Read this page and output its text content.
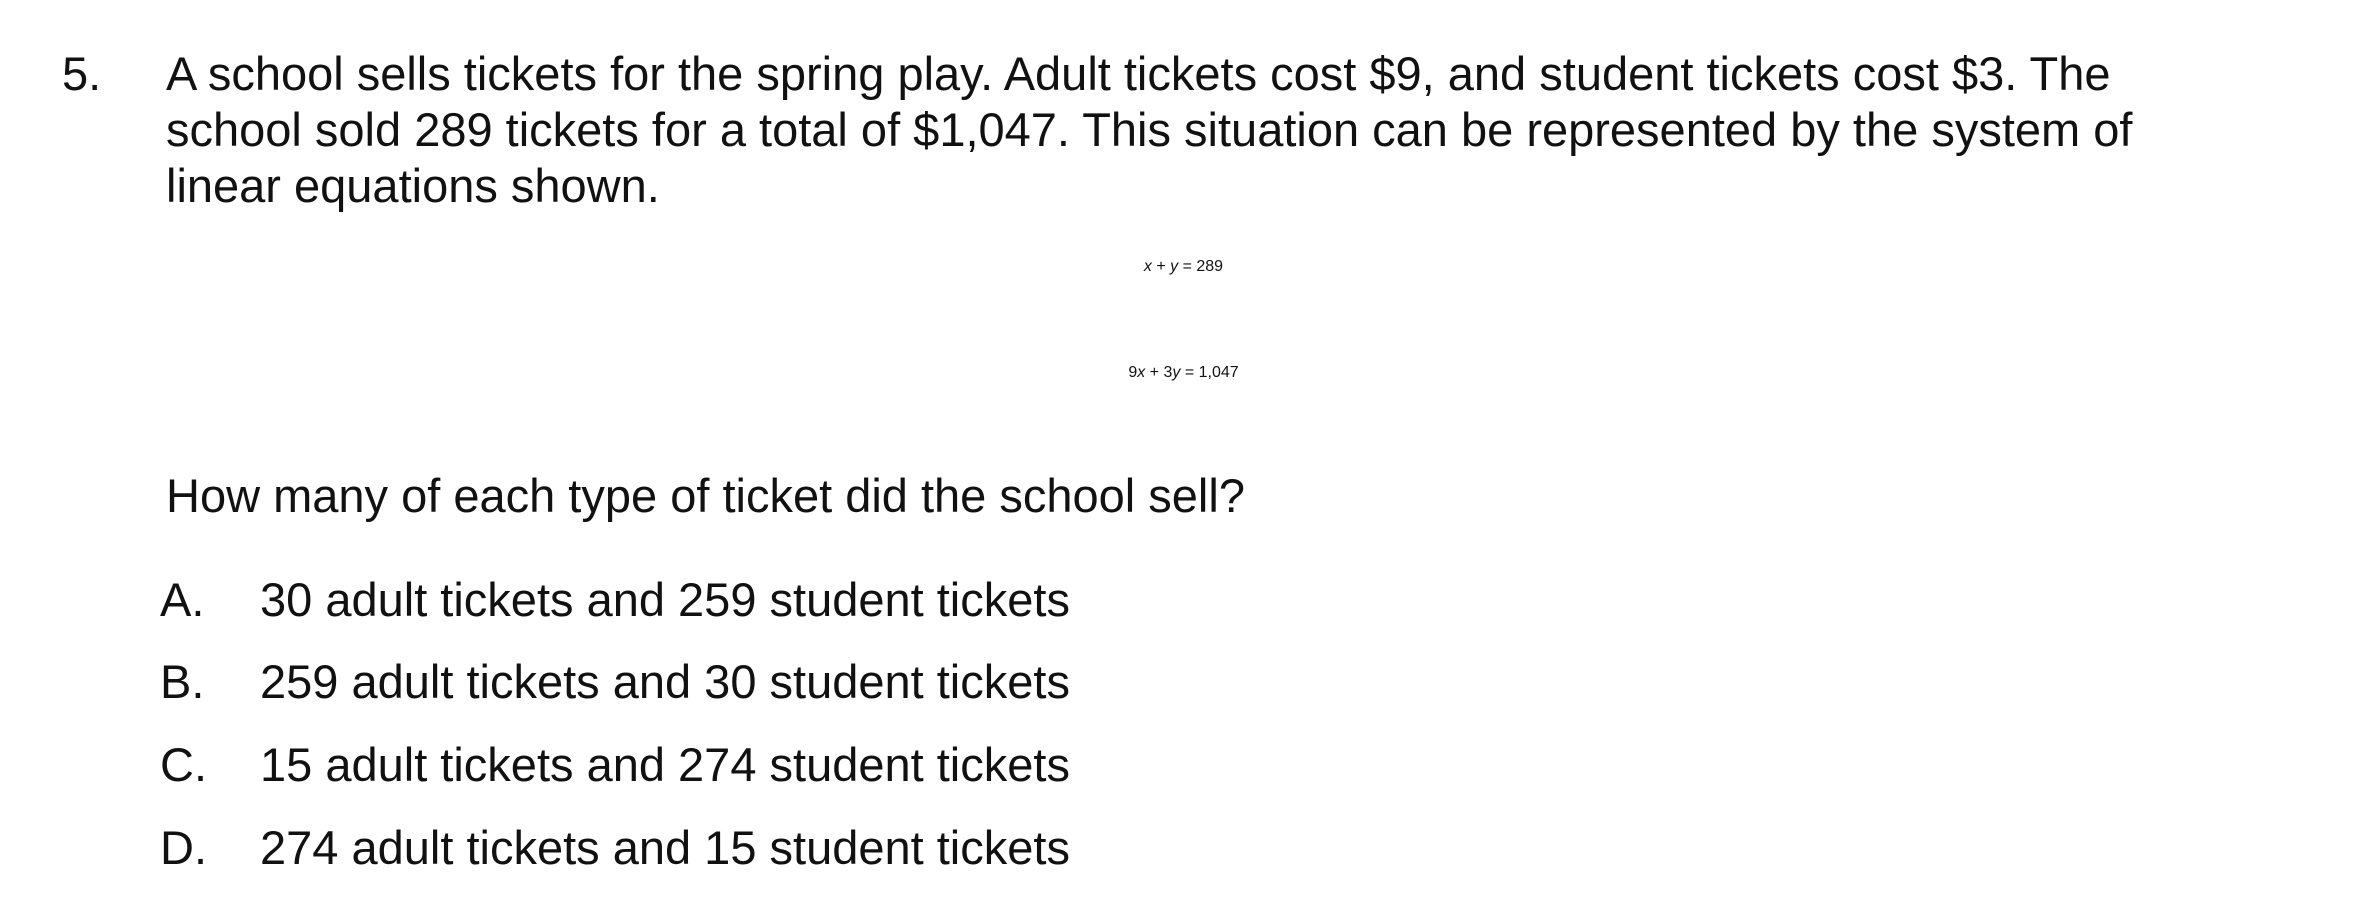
5. A school sells tickets for the spring play. Adult tickets cost $9, and student tickets cost $3. The
school sold 289 tickets for a total of $1,047. This situation can be represented by the system of
linear equations shown.
x + y = 289
9x + 3y = 1,047
How many of each type of ticket did the school sell?
A. 30 adult tickets and 259 student tickets
B. 259 adult tickets and 30 student tickets
C. 15 adult tickets and 274 student tickets
D. 274 adult tickets and 15 student tickets
